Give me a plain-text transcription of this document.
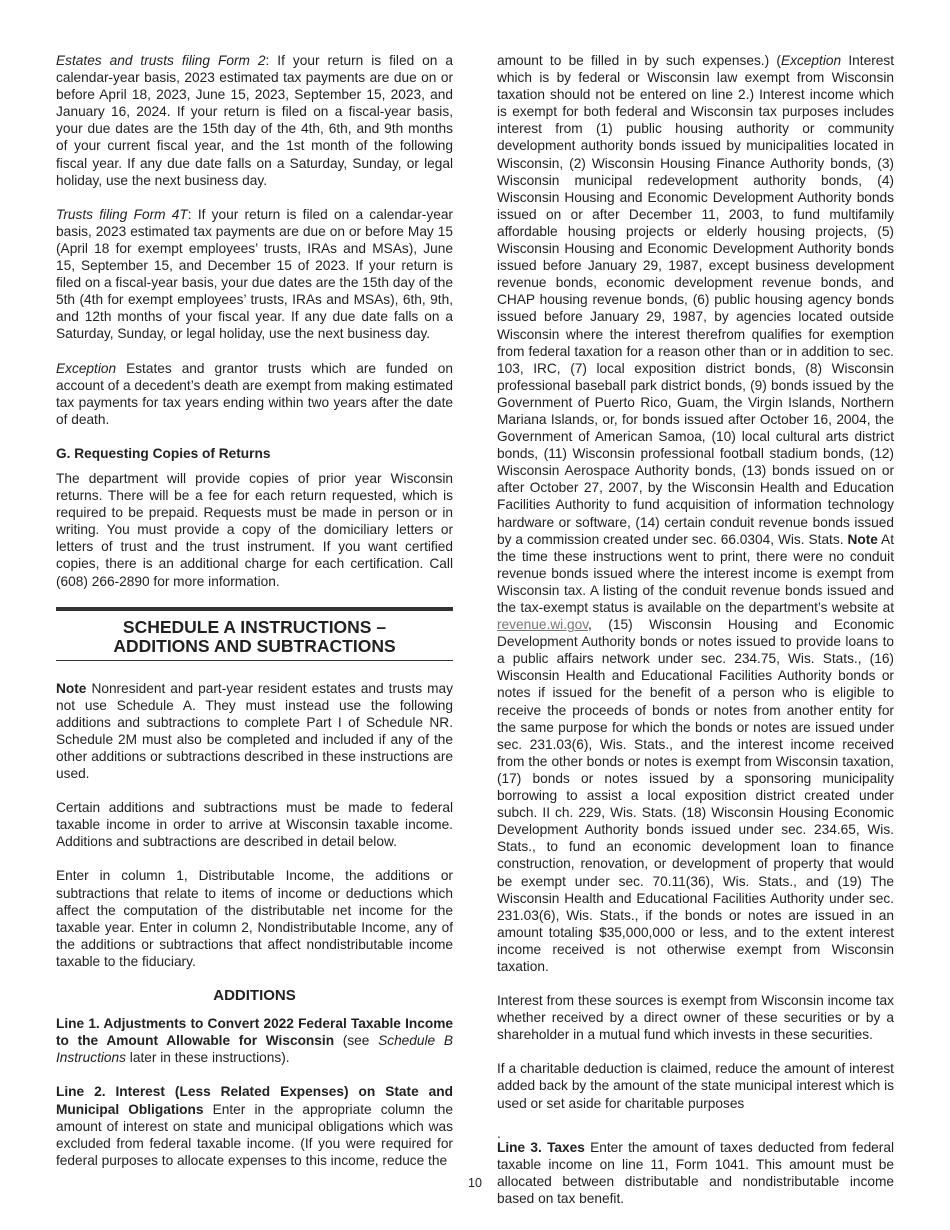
Estates and trusts filing Form 2: If your return is filed on a calendar-year basis, 2023 estimated tax payments are due on or before April 18, 2023, June 15, 2023, September 15, 2023, and January 16, 2024. If your return is filed on a fiscal-year basis, your due dates are the 15th day of the 4th, 6th, and 9th months of your current fiscal year, and the 1st month of the following fiscal year. If any due date falls on a Saturday, Sunday, or legal holiday, use the next business day.

Trusts filing Form 4T: If your return is filed on a calendar-year basis, 2023 estimated tax payments are due on or before May 15 (April 18 for exempt employees’ trusts, IRAs and MSAs), June 15, September 15, and December 15 of 2023. If your return is filed on a fiscal-year basis, your due dates are the 15th day of the 5th (4th for exempt employees’ trusts, IRAs and MSAs), 6th, 9th, and 12th months of your fiscal year. If any due date falls on a Saturday, Sunday, or legal holiday, use the next business day.

Exception Estates and grantor trusts which are funded on account of a decedent’s death are exempt from making estimated tax payments for tax years ending within two years after the date of death.

G. Requesting Copies of Returns

The department will provide copies of prior year Wisconsin returns. There will be a fee for each return requested, which is required to be prepaid. Requests must be made in person or in writing. You must provide a copy of the domiciliary letters or letters of trust and the trust instrument. If you want certified copies, there is an additional charge for each certification. Call (608) 266-2890 for more information.

SCHEDULE A INSTRUCTIONS –
ADDITIONS AND SUBTRACTIONS

Note Nonresident and part-year resident estates and trusts may not use Schedule A. They must instead use the following additions and subtractions to complete Part I of Schedule NR. Schedule 2M must also be completed and included if any of the other additions or subtractions described in these instructions are used.

Certain additions and subtractions must be made to federal taxable income in order to arrive at Wisconsin taxable income. Additions and subtractions are described in detail below.

Enter in column 1, Distributable Income, the additions or subtractions that relate to items of income or deductions which affect the computation of the distributable net income for the taxable year. Enter in column 2, Nondistributable Income, any of the additions or subtractions that affect nondistributable income taxable to the fiduciary.

ADDITIONS

Line 1. Adjustments to Convert 2022 Federal Taxable Income to the Amount Allowable for Wisconsin (see Schedule B Instructions later in these instructions).

Line 2. Interest (Less Related Expenses) on State and Municipal Obligations Enter in the appropriate column the amount of interest on state and municipal obligations which was excluded from federal taxable income. (If you were required for federal purposes to allocate expenses to this income, reduce the

amount to be filled in by such expenses.) (Exception Interest which is by federal or Wisconsin law exempt from Wisconsin taxation should not be entered on line 2.) Interest income which is exempt for both federal and Wisconsin tax purposes includes interest from (1) public housing authority or community development authority bonds issued by municipalities located in Wisconsin, (2) Wisconsin Housing Finance Authority bonds, (3) Wisconsin municipal redevelopment authority bonds, (4) Wisconsin Housing and Economic Development Authority bonds issued on or after December 11, 2003, to fund multifamily affordable housing projects or elderly housing projects, (5) Wisconsin Housing and Economic Development Authority bonds issued before January 29, 1987, except business development revenue bonds, economic development revenue bonds, and CHAP housing revenue bonds, (6) public housing agency bonds issued before January 29, 1987, by agencies located outside Wisconsin where the interest therefrom qualifies for exemption from federal taxation for a reason other than or in addition to sec. 103, IRC, (7) local exposition district bonds, (8) Wisconsin professional baseball park district bonds, (9) bonds issued by the Government of Puerto Rico, Guam, the Virgin Islands, Northern Mariana Islands, or, for bonds issued after October 16, 2004, the Government of American Samoa, (10) local cultural arts district bonds, (11) Wisconsin professional football stadium bonds, (12) Wisconsin Aerospace Authority bonds, (13) bonds issued on or after October 27, 2007, by the Wisconsin Health and Education Facilities Authority to fund acquisition of information technology hardware or software, (14) certain conduit revenue bonds issued by a commission created under sec. 66.0304, Wis. Stats. Note At the time these instructions went to print, there were no conduit revenue bonds issued where the interest income is exempt from Wisconsin tax. A listing of the conduit revenue bonds issued and the tax-exempt status is available on the department’s website at revenue.wi.gov, (15) Wisconsin Housing and Economic Development Authority bonds or notes issued to provide loans to a public affairs network under sec. 234.75, Wis. Stats., (16) Wisconsin Health and Educational Facilities Authority bonds or notes if issued for the benefit of a person who is eligible to receive the proceeds of bonds or notes from another entity for the same purpose for which the bonds or notes are issued under sec. 231.03(6), Wis. Stats., and the interest income received from the other bonds or notes is exempt from Wisconsin taxation, (17) bonds or notes issued by a sponsoring municipality borrowing to assist a local exposition district created under subch. II ch. 229, Wis. Stats. (18) Wisconsin Housing Economic Development Authority bonds issued under sec. 234.65, Wis. Stats., to fund an economic development loan to finance construction, renovation, or development of property that would be exempt under sec. 70.11(36), Wis. Stats., and (19) The Wisconsin Health and Educational Facilities Authority under sec. 231.03(6), Wis. Stats., if the bonds or notes are issued in an amount totaling $35,000,000 or less, and to the extent interest income received is not otherwise exempt from Wisconsin taxation.

Interest from these sources is exempt from Wisconsin income tax whether received by a direct owner of these securities or by a shareholder in a mutual fund which invests in these securities.

If a charitable deduction is claimed, reduce the amount of interest added back by the amount of the state municipal interest which is used or set aside for charitable purposes

.

Line 3. Taxes Enter the amount of taxes deducted from federal taxable income on line 11, Form 1041. This amount must be allocated between distributable and nondistributable income based on tax benefit.

10
